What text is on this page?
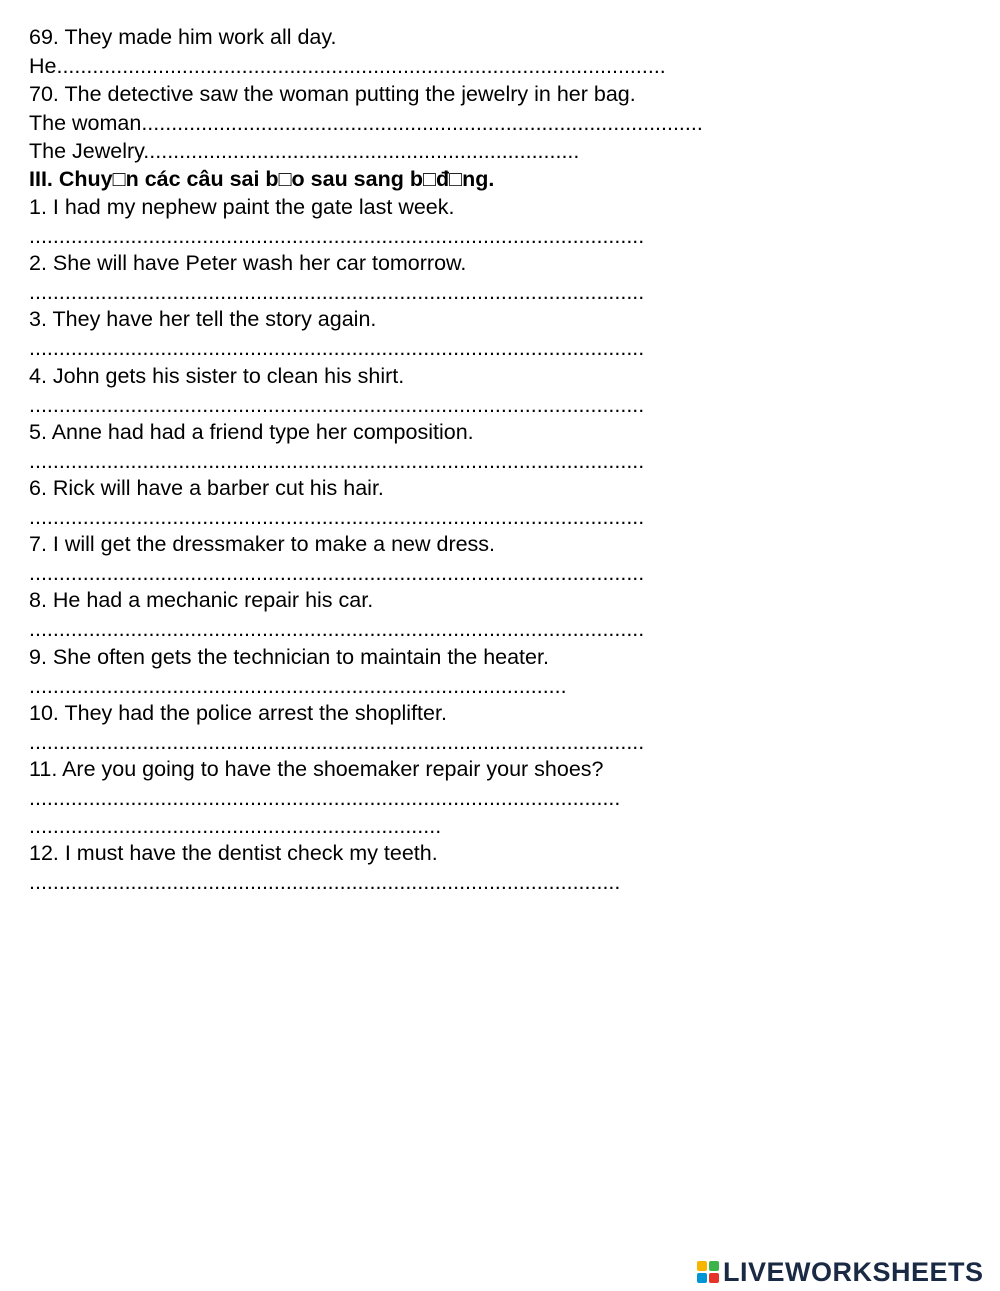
69. They made him work all day.
He......................................................................................................
70. The detective saw the woman putting the jewelry in her bag.
The woman..............................................................................................
The Jewelry.........................................................................
III. Chuy□n các câu sai b□o sau sang b□đ□ng.
1. I had my nephew paint the gate last week.
.......................................................................................................
2. She will have Peter wash her car tomorrow.
.......................................................................................................
3. They have her tell the story again.
.......................................................................................................
4. John gets his sister to clean his shirt.
.......................................................................................................
5. Anne had had a friend type her composition.
.......................................................................................................
6. Rick will have a barber cut his hair.
.......................................................................................................
7. I will get the dressmaker to make a new dress.
.......................................................................................................
8. He had a mechanic repair his car.
.......................................................................................................
9. She often gets the technician to maintain the heater.
..........................................................................................
10. They had the police arrest the shoplifter.
.......................................................................................................
11. Are you going to have the shoemaker repair your shoes?
...................................................................................................
.....................................................................
12. I must have the dentist check my teeth.
...................................................................................................
LIVEWORKSHEETS
